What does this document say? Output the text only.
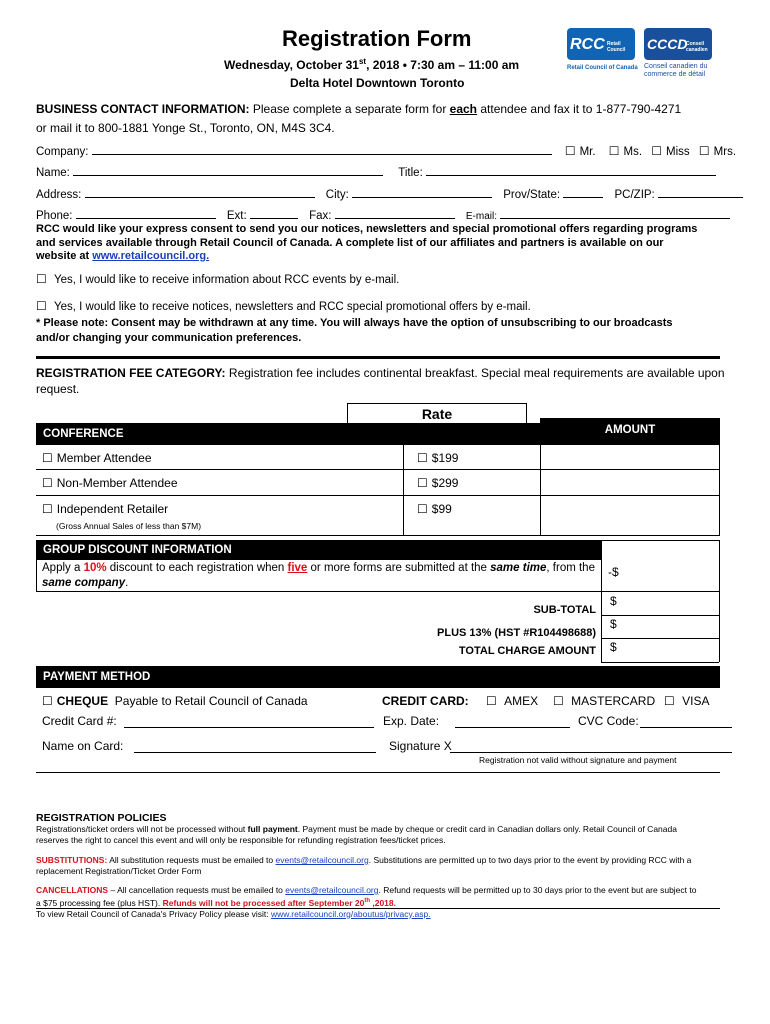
Registration Form
Wednesday, October 31st, 2018 • 7:30 am – 11:00 am
Delta Hotel Downtown Toronto
RCC Retail Council
Retail Council of Canada
CCCD
Conseil canadien
Conseil canadien du
commerce de détail
BUSINESS CONTACT INFORMATION: Please complete a separate form for each attendee and fax it to 1-877-790-4271
or mail it to 800-1881 Yonge St., Toronto, ON, M4S 3C4.
Company:	☐ Mr. ☐ Ms. ☐ Miss ☐ Mrs.
Name:	Title:
Address:	City:	Prov/State:	PC/ZIP:
Phone:	Ext:	Fax:	E-mail:
RCC would like your express consent to send you our notices, newsletters and special promotional offers regarding programs
and services available through Retail Council of Canada. A complete list of our affiliates and partners is available on our
website at www.retailcouncil.org.
☐ Yes, I would like to receive information about RCC events by e-mail.
☐ Yes, I would like to receive notices, newsletters and RCC special promotional offers by e-mail.
* Please note: Consent may be withdrawn at any time. You will always have the option of unsubscribing to our broadcasts
and/or changing your communication preferences.
REGISTRATION FEE CATEGORY: Registration fee includes continental breakfast. Special meal requirements are available upon
request.
Rate
CONFERENCE	AMOUNT
☐ Member Attendee	☐ $199
☐ Non-Member Attendee	☐ $299
☐ Independent Retailer	☐ $99
(Gross Annual Sales of less than $7M)
GROUP DISCOUNT INFORMATION
Apply a 10% discount to each registration when five or more forms are submitted at the same time, from the
same company.
-$
SUB-TOTAL
$
PLUS 13% (HST #R104498688)
$
TOTAL CHARGE AMOUNT $
PAYMENT METHOD
☐ CHEQUE Payable to Retail Council of Canada	CREDIT CARD: ☐ AMEX ☐ MASTERCARD ☐ VISA
Credit Card #:	Exp. Date:	CVC Code:
Name on Card:	Signature X
Registration not valid without signature and payment
REGISTRATION POLICIES
Registrations/ticket orders will not be processed without full payment. Payment must be made by cheque or credit card in Canadian dollars only. Retail Council of Canada
reserves the right to cancel this event and will only be responsible for refunding registration fees/ticket prices.
SUBSTITUTIONS: All substitution requests must be emailed to events@retailcouncil.org. Substitutions are permitted up to two days prior to the event by providing RCC with a
replacement Registration/Ticket Order Form
CANCELLATIONS – All cancellation requests must be emailed to events@retailcouncil.org. Refund requests will be permitted up to 30 days prior to the event but are subject to
a $75 processing fee (plus HST). Refunds will not be processed after September 20th ,2018.
To view Retail Council of Canada's Privacy Policy please visit: www.retailcouncil.org/aboutus/privacy.asp.
